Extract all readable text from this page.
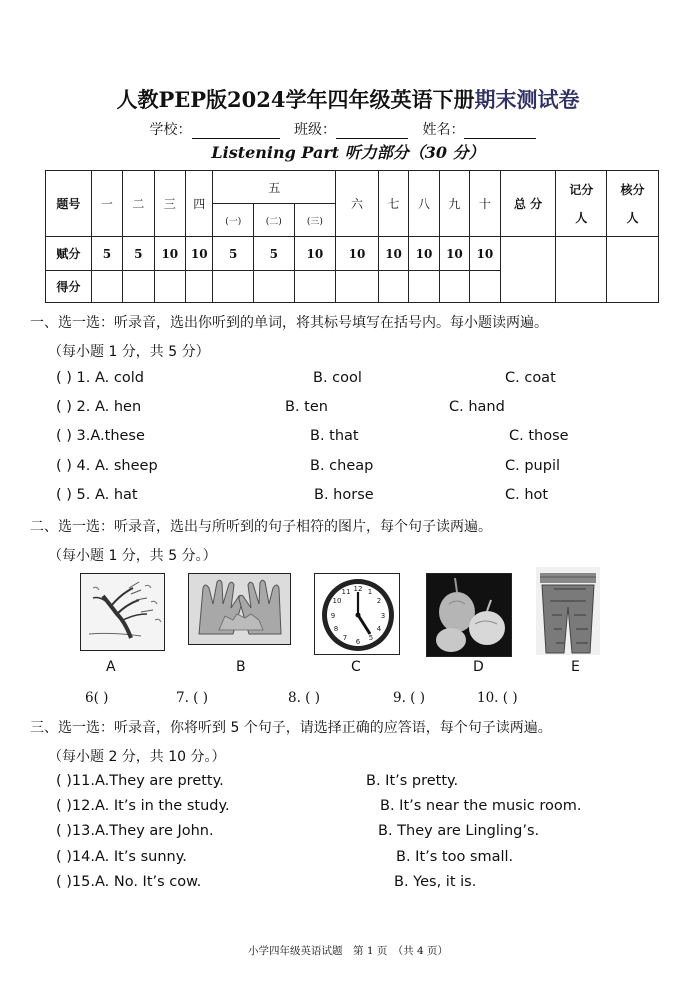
人教PEP版2024学年四年级英语下册期末测试卷
学校：	班级：	姓名：
Listening Part 听力部分（30 分）
题号	一	二	三	四	五			六	七	八	九	十	总 分	记分人	核分人
					(一)	(二)	(三)								
赋分	5	5	10	10	5	5	10	10	10	10	10	10			
得分															
一、选一选：听录音，选出你听到的单词，将其标号填写在括号内。每小题读两遍。
（每小题 1 分，共 5 分）
( ) 1. A. cold	B. cool	C. coat
( ) 2. A. hen	B. ten	C. hand
( ) 3.A.these	B. that	C. those
( ) 4. A. sheep	B. cheap	C. pupil
( ) 5. A. hat	B. horse	C. hot
二、选一选：听录音，选出与所听到的句子相符的图片，每个句子读两遍。
（每小题 1 分，共 5 分。）
12 1
2
3
4
5
6
7
8
9
10
11
A	B	C	D	E
6( )	7. ( )	8. ( )	9. ( )	10. ( )
三、选一选：听录音，你将听到 5 个句子，请选择正确的应答语，每个句子读两遍。
（每小题 2 分，共 10 分。）
( )11.A.They are pretty.	B. It’s pretty.
( )12.A. It’s in the study.	B. It’s near the music room.
( )13.A.They are John.	B. They are Lingling’s.
( )14.A. It’s sunny.	B. It’s too small.
( )15.A. No. It’s cow.	B. Yes, it is.
小学四年级英语试题　第 1 页　（共 4 页）
